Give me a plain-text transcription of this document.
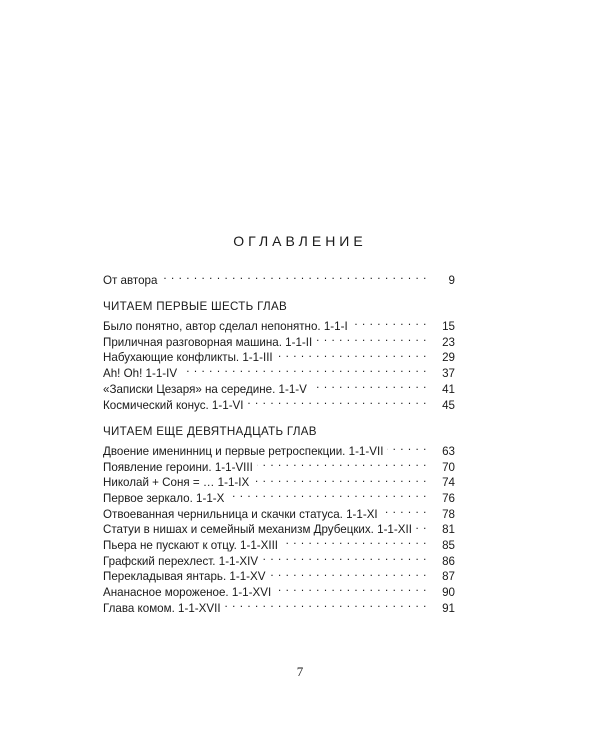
ОГЛАВЛЕНИЕ
От автора . . .	9
ЧИТАЕМ ПЕРВЫЕ ШЕСТЬ ГЛАВ
Было понятно, автор сделал непонятно. 1-1-I . . .	15
Приличная разговорная машина. 1-1-II . . .	23
Набухающие конфликты. 1-1-III . . .	29
Ah! Oh! 1-1-IV . . .	37
«Записки Цезаря» на середине. 1-1-V . . .	41
Космический конус. 1-1-VI . . .	45
ЧИТАЕМ ЕЩЕ ДЕВЯТНАДЦАТЬ ГЛАВ
Двоение именинниц и первые ретроспекции. 1-1-VII . . .	63
Появление героини. 1-1-VIII . . .	70
Николай + Соня = … 1-1-IX . . .	74
Первое зеркало. 1-1-X . . .	76
Отвоеванная чернильница и скачки статуса. 1-1-XI . . .	78
Статуи в нишах и семейный механизм Друбецких. 1-1-XII . . .	81
Пьера не пускают к отцу. 1-1-XIII . . .	85
Графский перехлест. 1-1-XIV . . .	86
Перекладывая янтарь. 1-1-XV . . .	87
Ананасное мороженое. 1-1-XVI . . .	90
Глава комом. 1-1-XVII . . .	91
7
